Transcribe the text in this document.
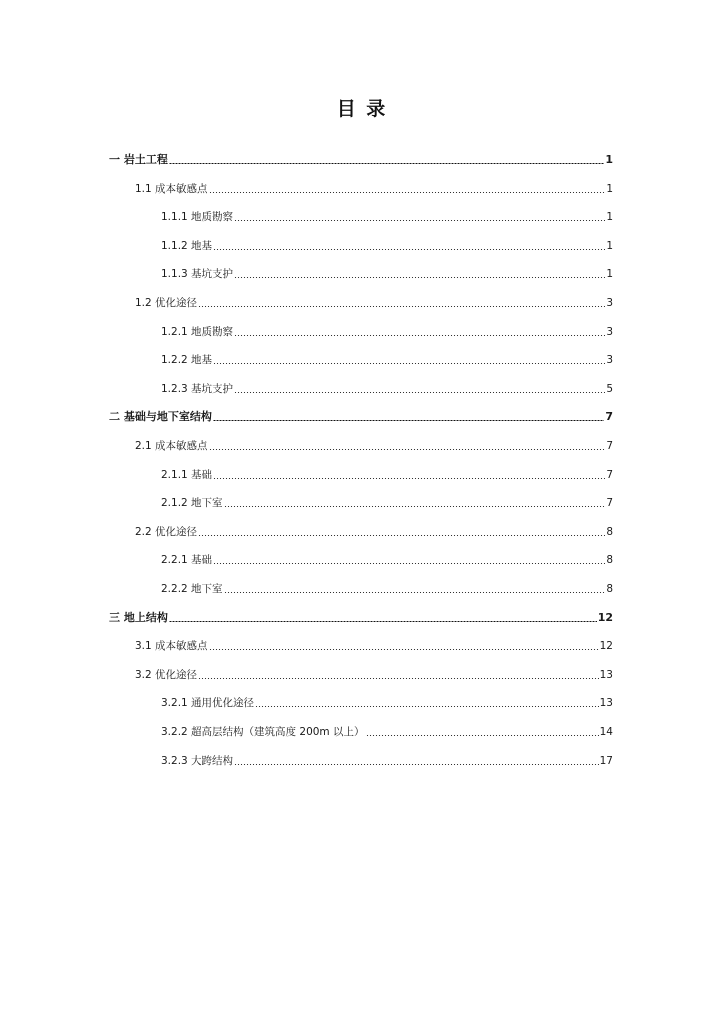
目 录
一 岩土工程	1
1.1 成本敏感点	1
1.1.1 地质勘察	1
1.1.2 地基	1
1.1.3 基坑支护	1
1.2 优化途径	3
1.2.1 地质勘察	3
1.2.2 地基	3
1.2.3 基坑支护	5
二 基础与地下室结构	7
2.1 成本敏感点	7
2.1.1 基础	7
2.1.2 地下室	7
2.2 优化途径	8
2.2.1 基础	8
2.2.2 地下室	8
三 地上结构	12
3.1 成本敏感点	12
3.2 优化途径	13
3.2.1 通用优化途径	13
3.2.2 超高层结构（建筑高度 200m 以上）	14
3.2.3 大跨结构	17
